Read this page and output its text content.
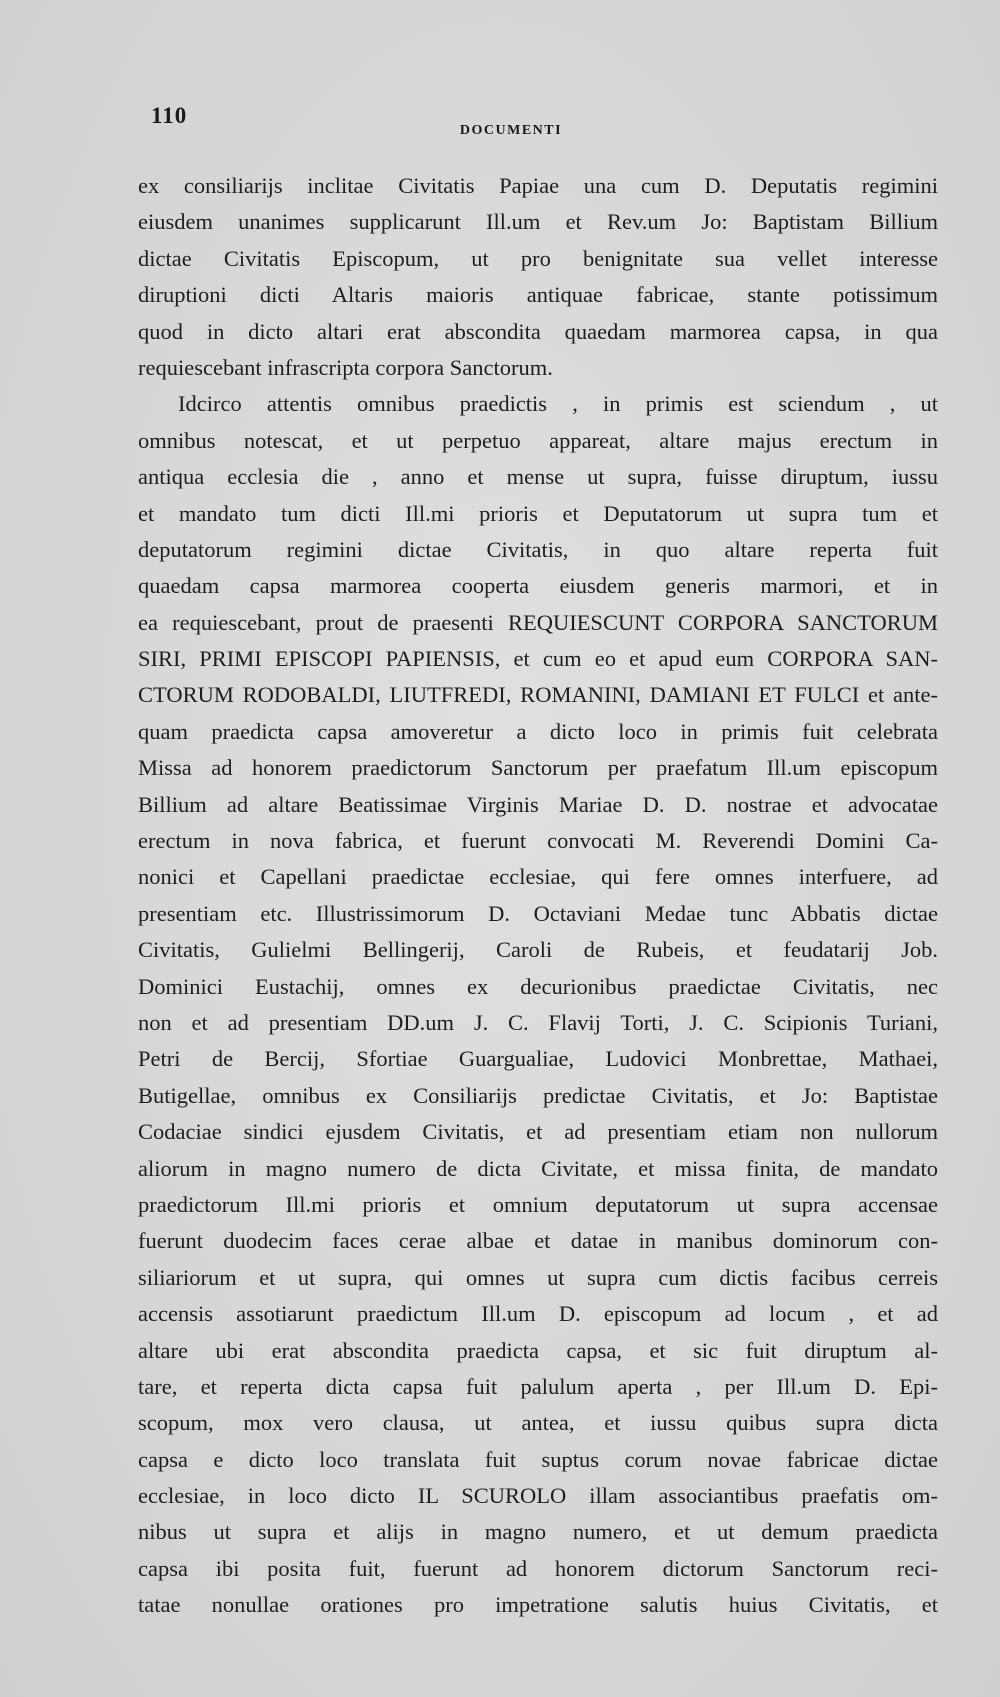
110
DOCUMENTI
ex consiliarijs inclitae Civitatis Papiae una cum D. Deputatis regimini
eiusdem unanimes supplicarunt Ill.um et Rev.um Jo: Baptistam Billium
dictae Civitatis Episcopum, ut pro benignitate sua vellet interesse
diruptioni dicti Altaris maioris antiquae fabricae, stante potissimum
quod in dicto altari erat abscondita quaedam marmorea capsa, in qua
requiescebant infrascripta corpora Sanctorum.
Idcirco attentis omnibus praedictis , in primis est sciendum , ut
omnibus notescat, et ut perpetuo appareat, altare majus erectum in
antiqua ecclesia die , anno et mense ut supra, fuisse diruptum, iussu
et mandato tum dicti Ill.mi prioris et Deputatorum ut supra tum et
deputatorum regimini dictae Civitatis, in quo altare reperta fuit
quaedam capsa marmorea cooperta eiusdem generis marmori, et in
ea requiescebant, prout de praesenti REQUIESCUNT CORPORA SANCTORUM
SIRI, PRIMI EPISCOPI PAPIENSIS, et cum eo et apud eum CORPORA SAN-
CTORUM RODOBALDI, LIUTFREDI, ROMANINI, DAMIANI ET FULCI et ante-
quam praedicta capsa amoveretur a dicto loco in primis fuit celebrata
Missa ad honorem praedictorum Sanctorum per praefatum Ill.um episcopum
Billium ad altare Beatissimae Virginis Mariae D. D. nostrae et advocatae
erectum in nova fabrica, et fuerunt convocati M. Reverendi Domini Ca-
nonici et Capellani praedictae ecclesiae, qui fere omnes interfuere, ad
presentiam etc. Illustrissimorum D. Octaviani Medae tunc Abbatis dictae
Civitatis, Gulielmi Bellingerij, Caroli de Rubeis, et feudatarij Job.
Dominici Eustachij, omnes ex decurionibus praedictae Civitatis, nec
non et ad presentiam DD.um J. C. Flavij Torti, J. C. Scipionis Turiani,
Petri de Bercij, Sfortiae Guargualiae, Ludovici Monbrettae, Mathaei,
Butigellae, omnibus ex Consiliarijs predictae Civitatis, et Jo: Baptistae
Codaciae sindici ejusdem Civitatis, et ad presentiam etiam non nullorum
aliorum in magno numero de dicta Civitate, et missa finita, de mandato
praedictorum Ill.mi prioris et omnium deputatorum ut supra accensae
fuerunt duodecim faces cerae albae et datae in manibus dominorum con-
siliariorum et ut supra, qui omnes ut supra cum dictis facibus cerreis
accensis assotiarunt praedictum Ill.um D. episcopum ad locum , et ad
altare ubi erat abscondita praedicta capsa, et sic fuit diruptum al-
tare, et reperta dicta capsa fuit palulum aperta , per Ill.um D. Epi-
scopum, mox vero clausa, ut antea, et iussu quibus supra dicta
capsa e dicto loco translata fuit suptus corum novae fabricae dictae
ecclesiae, in loco dicto IL SCUROLO illam associantibus praefatis om-
nibus ut supra et alijs in magno numero, et ut demum praedicta
capsa ibi posita fuit, fuerunt ad honorem dictorum Sanctorum reci-
tatae nonullae orationes pro impetratione salutis huius Civitatis, et
